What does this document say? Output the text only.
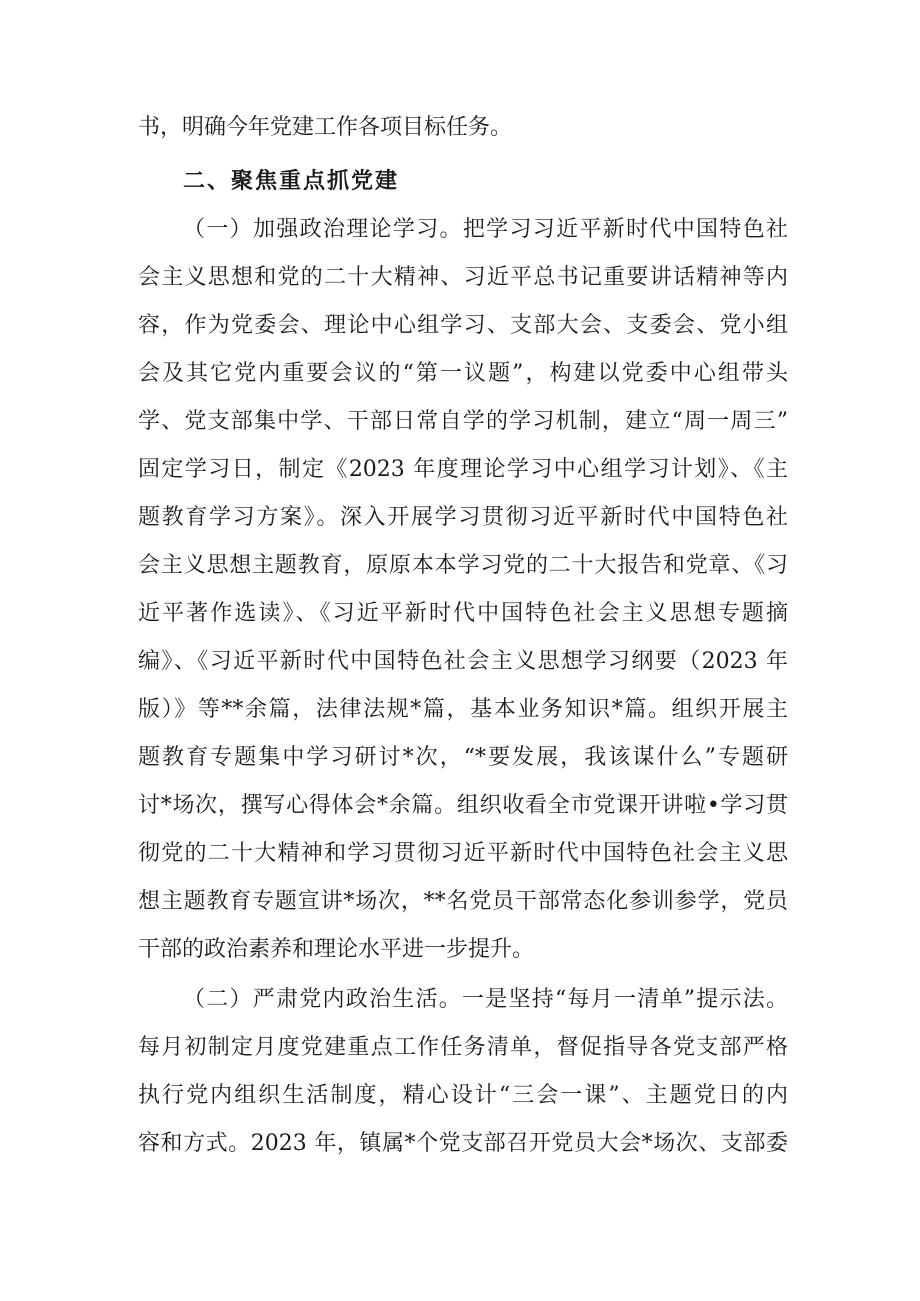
书，明确今年党建工作各项目标任务。
二、聚焦重点抓党建
（一）加强政治理论学习。把学习习近平新时代中国特色社
会主义思想和党的二十大精神、习近平总书记重要讲话精神等内
容，作为党委会、理论中心组学习、支部大会、支委会、党小组
会及其它党内重要会议的“第一议题”，构建以党委中心组带头
学、党支部集中学、干部日常自学的学习机制，建立“周一周三”
固定学习日，制定《2023 年度理论学习中心组学习计划》、《主
题教育学习方案》。深入开展学习贯彻习近平新时代中国特色社
会主义思想主题教育，原原本本学习党的二十大报告和党章、《习
近平著作选读》、《习近平新时代中国特色社会主义思想专题摘
编》、《习近平新时代中国特色社会主义思想学习纲要（2023 年
版）》等**余篇，法律法规*篇，基本业务知识*篇。组织开展主
题教育专题集中学习研讨*次，“*要发展，我该谋什么”专题研
讨*场次，撰写心得体会*余篇。组织收看全市党课开讲啦•学习贯
彻党的二十大精神和学习贯彻习近平新时代中国特色社会主义思
想主题教育专题宣讲*场次，**名党员干部常态化参训参学，党员
干部的政治素养和理论水平进一步提升。
（二）严肃党内政治生活。一是坚持“每月一清单”提示法。
每月初制定月度党建重点工作任务清单，督促指导各党支部严格
执行党内组织生活制度，精心设计“三会一课”、主题党日的内
容和方式。2023 年，镇属*个党支部召开党员大会*场次、支部委
